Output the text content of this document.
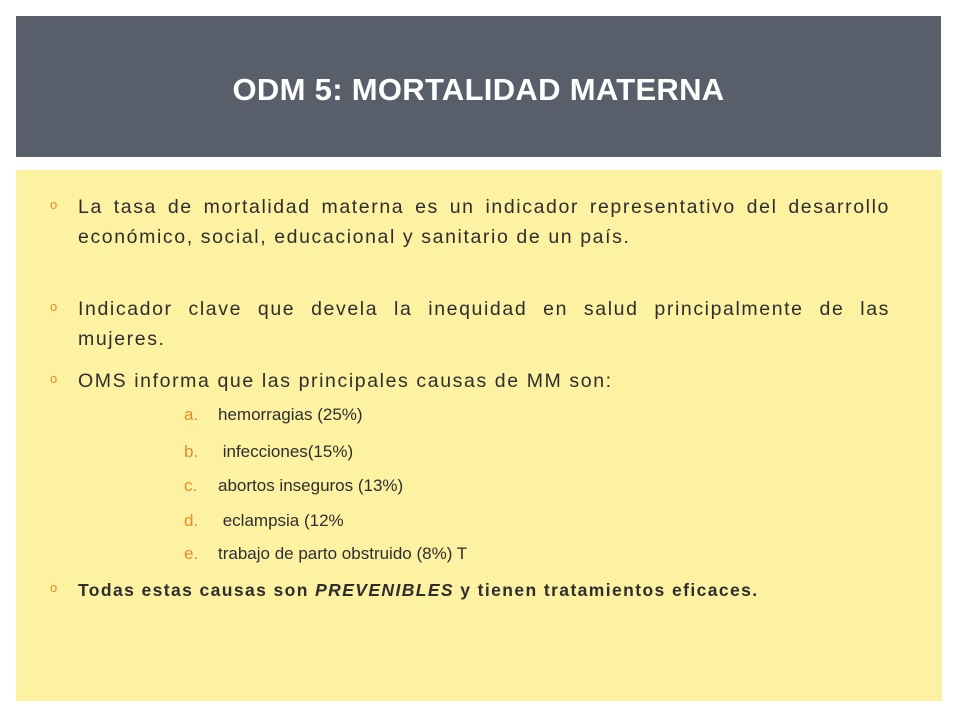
ODM 5: MORTALIDAD MATERNA
o La tasa de mortalidad materna es un indicador representativo del desarrollo económico, social, educacional y sanitario de un país.
o Indicador clave que devela la inequidad en salud principalmente de las mujeres.
o OMS informa que las principales causas de MM son:
a. hemorragias (25%)
b. infecciones(15%)
c. abortos inseguros (13%)
d. eclampsia (12%
e. trabajo de parto obstruido (8%) T
o Todas estas causas son PREVENIBLES y tienen tratamientos eficaces.
